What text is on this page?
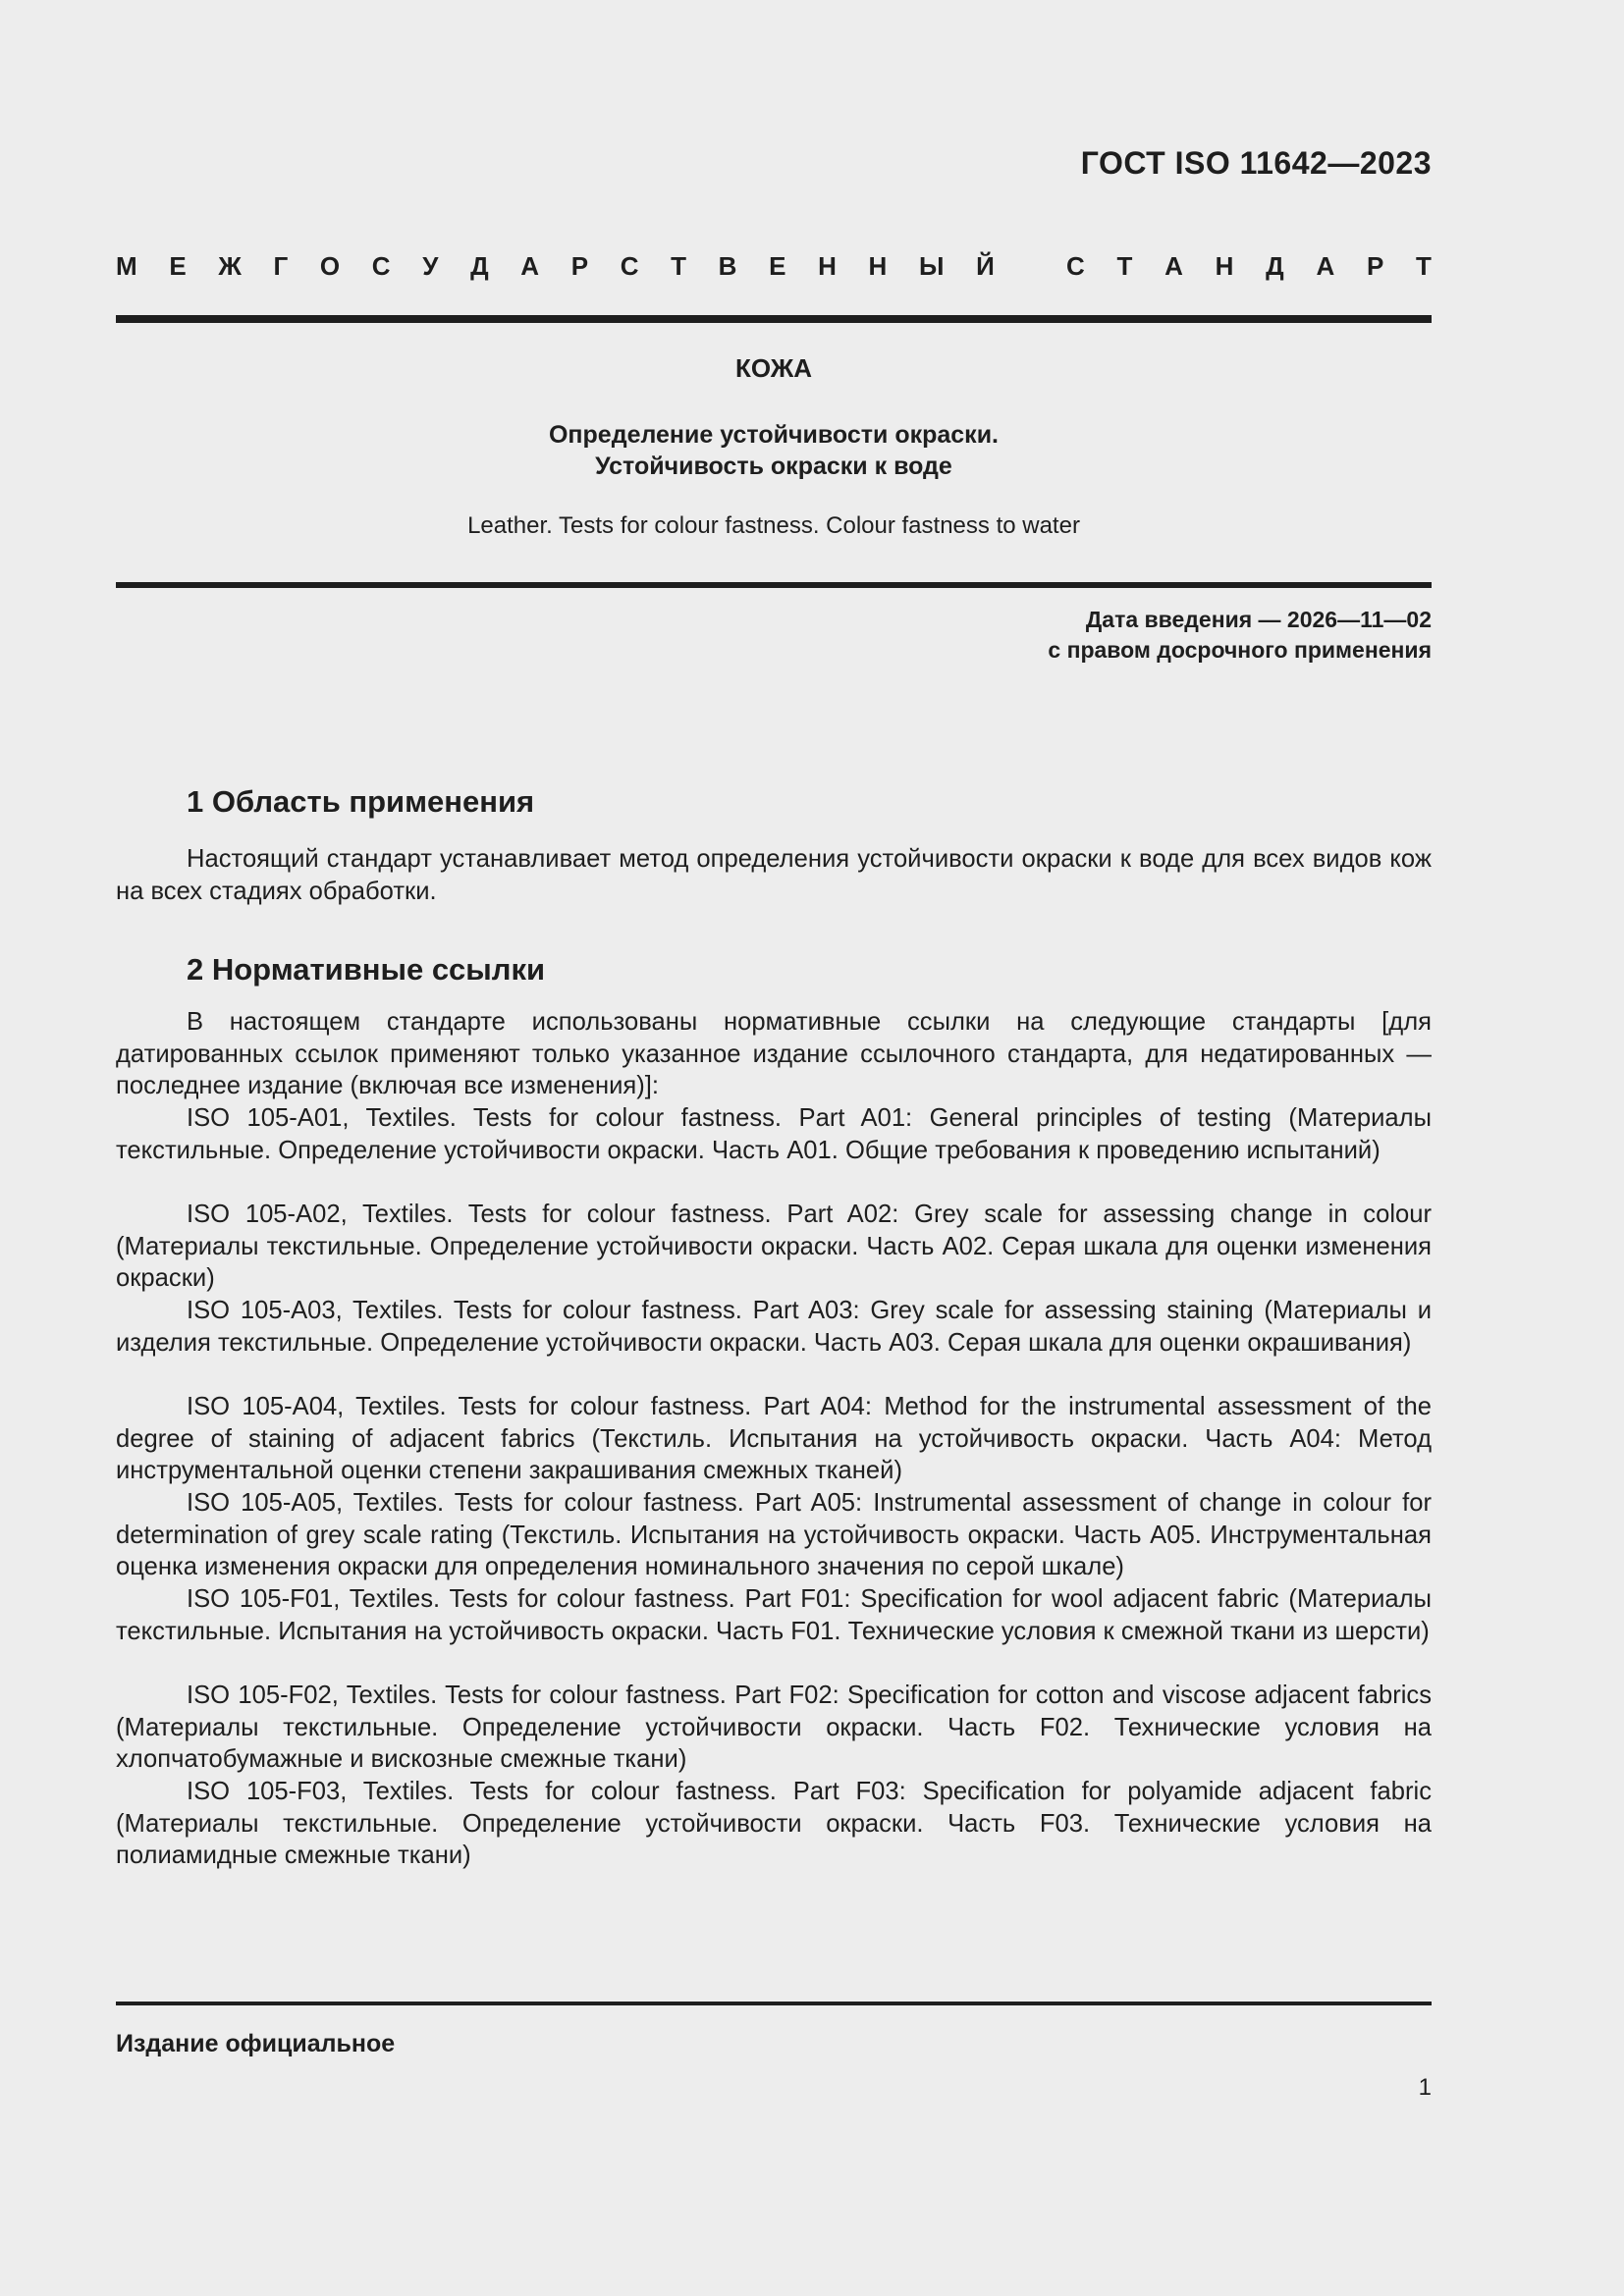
ГОСТ ISO 11642—2023
М Е Ж Г О С У Д А Р С Т В Е Н Н Ы Й	С Т А Н Д А Р Т
КОЖА
Определение устойчивости окраски.
Устойчивость окраски к воде
Leather. Tests for colour fastness. Colour fastness to water
Дата введения — 2026—11—02
с правом досрочного применения
1 Область применения

Настоящий стандарт устанавливает метод определения устойчивости окраски к воде для всех видов кож на всех стадиях обработки.

2 Нормативные ссылки

В настоящем стандарте использованы нормативные ссылки на следующие стандарты [для датированных ссылок применяют только указанное издание ссылочного стандарта, для недатированных — последнее издание (включая все изменения)]:

ISO 105-A01, Textiles. Tests for colour fastness. Part A01: General principles of testing (Материалы текстильные. Определение устойчивости окраски. Часть А01. Общие требования к проведению испытаний)

ISO 105-A02, Textiles. Tests for colour fastness. Part A02: Grey scale for assessing change in colour (Материалы текстильные. Определение устойчивости окраски. Часть А02. Серая шкала для оценки изменения окраски)

ISO 105-A03, Textiles. Tests for colour fastness. Part A03: Grey scale for assessing staining (Материалы и изделия текстильные. Определение устойчивости окраски. Часть А03. Серая шкала для оценки окрашивания)

ISO 105-A04, Textiles. Tests for colour fastness. Part A04: Method for the instrumental assessment of the degree of staining of adjacent fabrics (Текстиль. Испытания на устойчивость окраски. Часть А04: Метод инструментальной оценки степени закрашивания смежных тканей)

ISO 105-A05, Textiles. Tests for colour fastness. Part A05: Instrumental assessment of change in colour for determination of grey scale rating (Текстиль. Испытания на устойчивость окраски. Часть А05. Инструментальная оценка изменения окраски для определения номинального значения по серой шкале)

ISO 105-F01, Textiles. Tests for colour fastness. Part F01: Specification for wool adjacent fabric (Материалы текстильные. Испытания на устойчивость окраски. Часть F01. Технические условия к смежной ткани из шерсти)

ISO 105-F02, Textiles. Tests for colour fastness. Part F02: Specification for cotton and viscose adjacent fabrics (Материалы текстильные. Определение устойчивости окраски. Часть F02. Технические условия на хлопчатобумажные и вискозные смежные ткани)

ISO 105-F03, Textiles. Tests for colour fastness. Part F03: Specification for polyamide adjacent fabric (Материалы текстильные. Определение устойчивости окраски. Часть F03. Технические условия на полиамидные смежные ткани)

Издание официальное
1
